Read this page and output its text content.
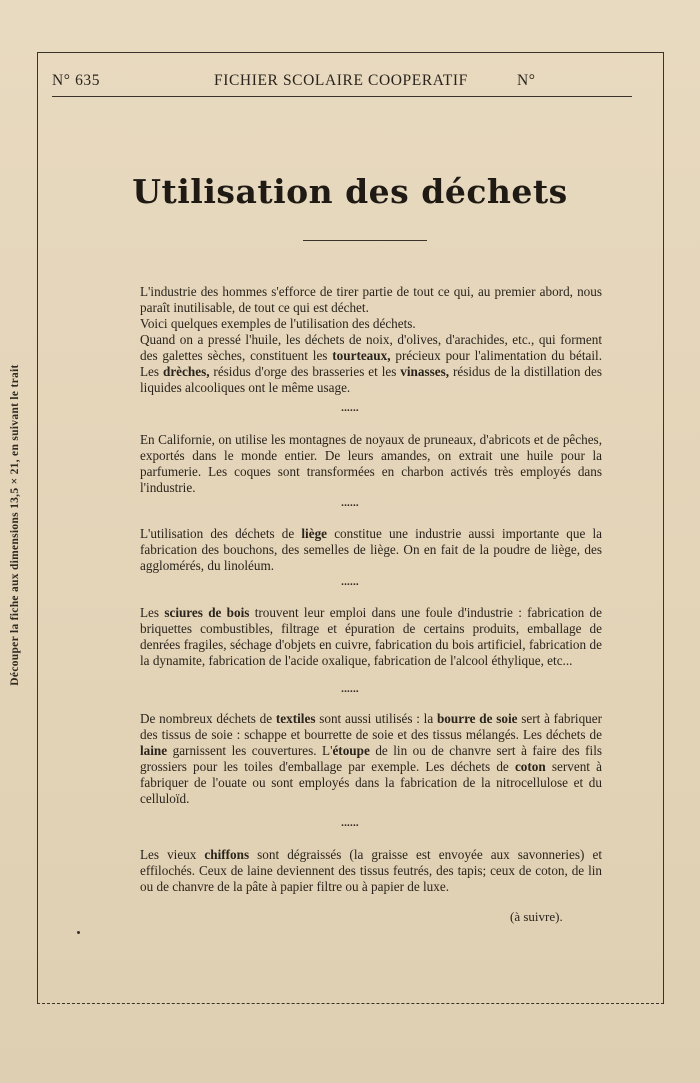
Découper la fiche aux dimensions 13,5 × 21, en suivant le trait
N° 635	FICHIER SCOLAIRE COOPERATIF	N°
Utilisation des déchets
L'industrie des hommes s'efforce de tirer partie de tout ce qui, au premier abord, nous paraît inutilisable, de tout ce qui est déchet.
Voici quelques exemples de l'utilisation des déchets.
Quand on a pressé l'huile, les déchets de noix, d'olives, d'arachides, etc., qui forment des galettes sèches, constituent les tourteaux, précieux pour l'alimentation du bétail. Les drèches, résidus d'orge des brasseries et les vinasses, résidus de la distillation des liquides alcooliques ont le même usage.
......
En Californie, on utilise les montagnes de noyaux de pruneaux, d'abricots et de pêches, exportés dans le monde entier. De leurs amandes, on extrait une huile pour la parfumerie. Les coques sont transformées en charbon activés très employés dans l'industrie.
......
L'utilisation des déchets de liège constitue une industrie aussi importante que la fabrication des bouchons, des semelles de liège. On en fait de la poudre de liège, des agglomérés, du linoléum.
......
Les sciures de bois trouvent leur emploi dans une foule d'industrie : fabrication de briquettes combustibles, filtrage et épuration de certains produits, emballage de denrées fragiles, séchage d'objets en cuivre, fabrication du bois artificiel, fabrication de la dynamite, fabrication de l'acide oxalique, fabrication de l'alcool éthylique, etc...
......
De nombreux déchets de textiles sont aussi utilisés : la bourre de soie sert à fabriquer des tissus de soie : schappe et bourrette de soie et des tissus mélangés. Les déchets de laine garnissent les couvertures. L'étoupe de lin ou de chanvre sert à faire des fils grossiers pour les toiles d'emballage par exemple. Les déchets de coton servent à fabriquer de l'ouate ou sont employés dans la fabrication de la nitrocellulose et du celluloïd.
......
Les vieux chiffons sont dégraissés (la graisse est envoyée aux savonneries) et effilochés. Ceux de laine deviennent des tissus feutrés, des tapis; ceux de coton, de lin ou de chanvre de la pâte à papier filtre ou à papier de luxe.
(à suivre).
